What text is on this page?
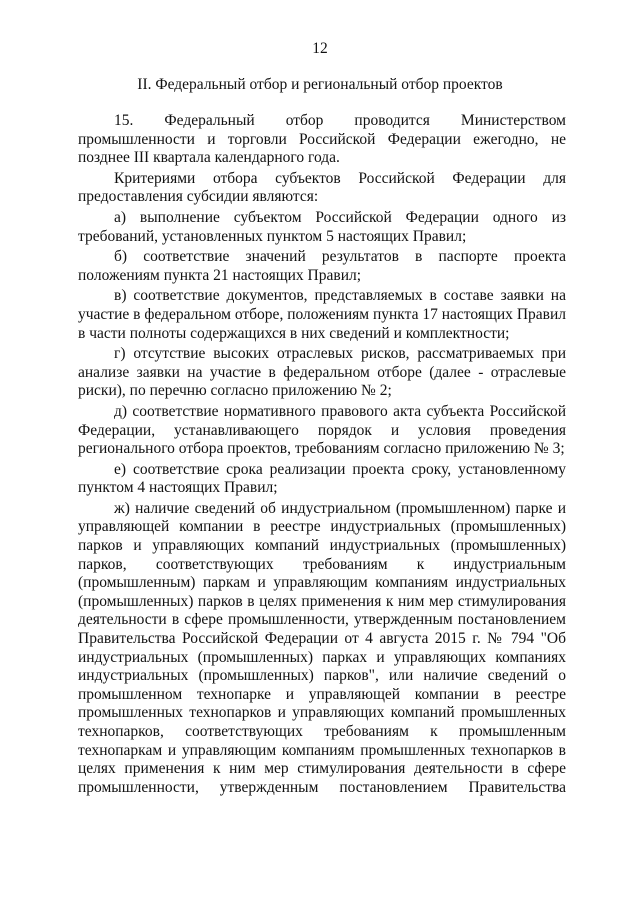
12
II. Федеральный отбор и региональный отбор проектов

15. Федеральный отбор проводится Министерством промышленности и торговли Российской Федерации ежегодно, не позднее III квартала календарного года.

Критериями отбора субъектов Российской Федерации для предоставления субсидии являются:

а) выполнение субъектом Российской Федерации одного из требований, установленных пунктом 5 настоящих Правил;

б) соответствие значений результатов в паспорте проекта положениям пункта 21 настоящих Правил;

в) соответствие документов, представляемых в составе заявки на участие в федеральном отборе, положениям пункта 17 настоящих Правил в части полноты содержащихся в них сведений и комплектности;

г) отсутствие высоких отраслевых рисков, рассматриваемых при анализе заявки на участие в федеральном отборе (далее - отраслевые риски), по перечню согласно приложению № 2;

д) соответствие нормативного правового акта субъекта Российской Федерации, устанавливающего порядок и условия проведения регионального отбора проектов, требованиям согласно приложению № 3;

е) соответствие срока реализации проекта сроку, установленному пунктом 4 настоящих Правил;

ж) наличие сведений об индустриальном (промышленном) парке и управляющей компании в реестре индустриальных (промышленных) парков и управляющих компаний индустриальных (промышленных) парков, соответствующих требованиям к индустриальным (промышленным) паркам и управляющим компаниям индустриальных (промышленных) парков в целях применения к ним мер стимулирования деятельности в сфере промышленности, утвержденным постановлением Правительства Российской Федерации от 4 августа 2015 г. № 794 "Об индустриальных (промышленных) парках и управляющих компаниях индустриальных (промышленных) парков", или наличие сведений о промышленном технопарке и управляющей компании в реестре промышленных технопарков и управляющих компаний промышленных технопарков, соответствующих требованиям к промышленным технопаркам и управляющим компаниям промышленных технопарков в целях применения к ним мер стимулирования деятельности в сфере промышленности, утвержденным постановлением Правительства
